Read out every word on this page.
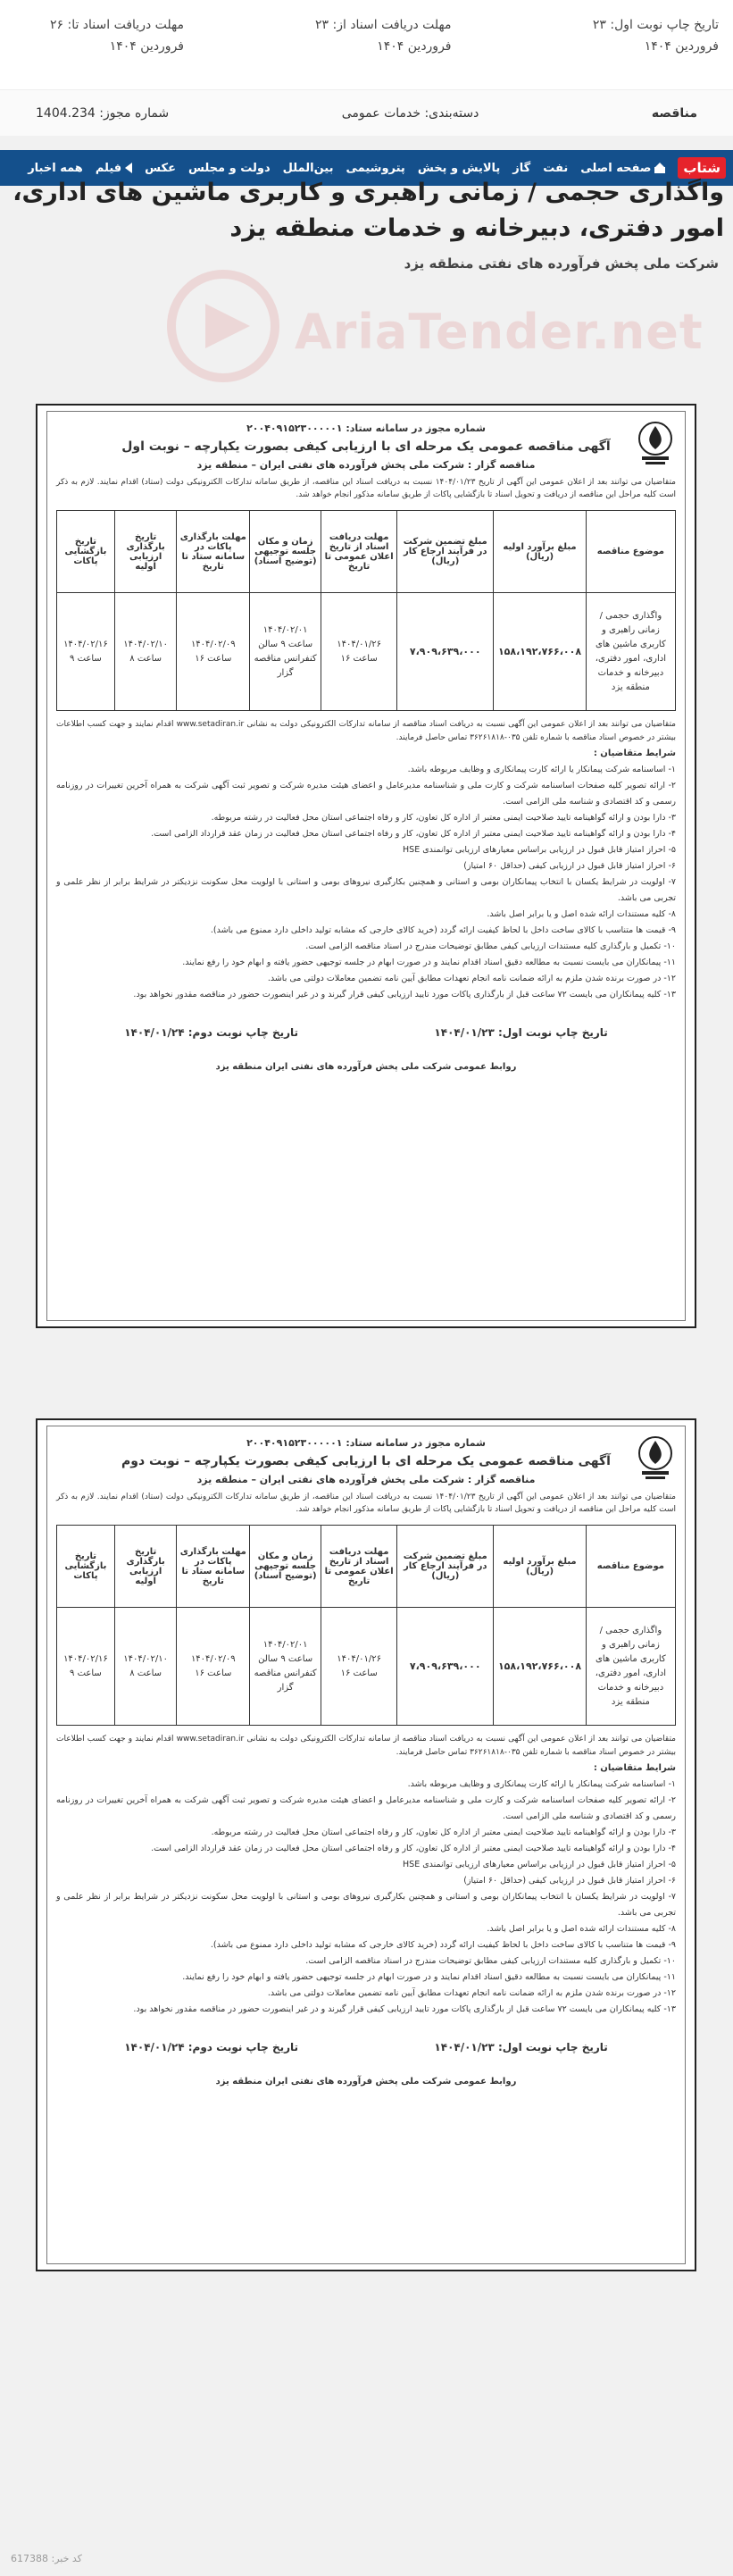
تاریخ چاپ نوبت اول: ۲۳ فروردین ۱۴۰۴
مهلت دریافت اسناد از: ۲۳ فروردین ۱۴۰۴
مهلت دریافت اسناد تا: ۲۶ فروردین ۱۴۰۴
مناقصه
دسته‌بندی: خدمات عمومی
شماره مجوز: 1404.234
شتاب
صفحه اصلی
نفت
گاز
پالایش و پخش
پتروشیمی
بین‌الملل
دولت و مجلس
عکس
فیلم
همه اخبار
واگذاری حجمی / زمانی راهبری و کاربری ماشین های اداری، امور دفتری، دبیرخانه و خدمات منطقه یزد
شرکت ملی پخش فرآورده های نفتی منطقه یزد
AriaTender.net
شماره مجوز در سامانه ستاد: ۲۰۰۴۰۹۱۵۲۳۰۰۰۰۰۱
آگهی مناقصه عمومی یک مرحله ای با ارزیابی کیفی بصورت یکپارچه – نوبت اول
مناقصه گزار : شرکت ملی پخش فرآورده های نفتی ایران – منطقه یزد
متقاضیان می توانند بعد از اعلان عمومی این آگهی از تاریخ ۱۴۰۴/۰۱/۲۳ نسبت به دریافت اسناد این مناقصه، از طریق سامانه تدارکات الکترونیکی دولت (ستاد) اقدام نمایند. لازم به ذکر است کلیه مراحل این مناقصه از دریافت و تحویل اسناد تا بازگشایی پاکات از طریق سامانه مذکور انجام خواهد شد.
موضوع مناقصه	مبلغ برآورد اولیه (ریال)	مبلغ تضمین شرکت در فرآیند ارجاع کار (ریال)	مهلت دریافت اسناد از تاریخ اعلان عمومی تا تاریخ	زمان و مکان جلسه توجیهی (توضیح اسناد)	مهلت بارگذاری پاکات در سامانه ستاد تا تاریخ	تاریخ بارگذاری ارزیابی اولیه	تاریخ بازگشایی پاکات
واگذاری حجمی / زمانی راهبری و کاربری ماشین های اداری، امور دفتری، دبیرخانه و خدمات منطقه یزد	۱۵۸،۱۹۲،۷۶۶،۰۰۸	۷،۹۰۹،۶۳۹،۰۰۰	۱۴۰۴/۰۱/۲۶ ساعت ۱۶	۱۴۰۴/۰۲/۰۱ ساعت ۹ سالن کنفرانس مناقصه گزار	۱۴۰۴/۰۲/۰۹ ساعت ۱۶	۱۴۰۴/۰۲/۱۰ ساعت ۸	۱۴۰۴/۰۲/۱۶ ساعت ۹
متقاضیان می توانند بعد از اعلان عمومی این آگهی نسبت به دریافت اسناد مناقصه از سامانه تدارکات الکترونیکی دولت به نشانی www.setadiran.ir اقدام نمایند و جهت کسب اطلاعات بیشتر در خصوص اسناد مناقصه با شماره تلفن ۰۳۵-۳۶۲۶۱۸۱۸ تماس حاصل فرمایند.
شرایط متقاضیان :
۱- اساسنامه شرکت پیمانکار یا ارائه کارت پیمانکاری و وظایف مربوطه باشد.
۲- ارائه تصویر کلیه صفحات اساسنامه شرکت و کارت ملی و شناسنامه مدیرعامل و اعضای هیئت مدیره شرکت و تصویر ثبت آگهی شرکت به همراه آخرین تغییرات در روزنامه رسمی و کد اقتصادی و شناسه ملی الزامی است.
۳- دارا بودن و ارائه گواهینامه تایید صلاحیت ایمنی معتبر از اداره کل تعاون، کار و رفاه اجتماعی استان محل فعالیت در رشته مربوطه.
۴- دارا بودن و ارائه گواهینامه تایید صلاحیت ایمنی معتبر از اداره کل تعاون، کار و رفاه اجتماعی استان محل فعالیت در زمان عقد قرارداد الزامی است.
۵- احراز امتیاز قابل قبول در ارزیابی براساس معیارهای ارزیابی توانمندی HSE
۶- احراز امتیاز قابل قبول در ارزیابی کیفی (حداقل ۶۰ امتیاز)
۷- اولویت در شرایط یکسان با انتخاب پیمانکاران بومی و استانی و همچنین بکارگیری نیروهای بومی و استانی با اولویت محل سکونت نزدیکتر در شرایط برابر از نظر علمی و تجربی می باشد.
۸- کلیه مستندات ارائه شده اصل و یا برابر اصل باشد.
۹- قیمت ها متناسب با کالای ساخت داخل با لحاظ کیفیت ارائه گردد (خرید کالای خارجی که مشابه تولید داخلی دارد ممنوع می باشد).
۱۰- تکمیل و بارگذاری کلیه مستندات ارزیابی کیفی مطابق توضیحات مندرج در اسناد مناقصه الزامی است.
۱۱- پیمانکاران می بایست نسبت به مطالعه دقیق اسناد اقدام نمایند و در صورت ابهام در جلسه توجیهی حضور یافته و ابهام خود را رفع نمایند.
۱۲- در صورت برنده شدن ملزم به ارائه ضمانت نامه انجام تعهدات مطابق آیین نامه تضمین معاملات دولتی می باشد.
۱۳- کلیه پیمانکاران می بایست ۷۲ ساعت قبل از بارگذاری پاکات مورد تایید ارزیابی کیفی قرار گیرند و در غیر اینصورت حضور در مناقصه مقدور نخواهد بود.
تاریخ چاپ نوبت اول: ۱۴۰۴/۰۱/۲۳
تاریخ چاپ نوبت دوم: ۱۴۰۴/۰۱/۲۴
روابط عمومی شرکت ملی پخش فرآورده های نفتی ایران منطقه یزد
شماره مجوز در سامانه ستاد: ۲۰۰۴۰۹۱۵۲۳۰۰۰۰۰۱
آگهی مناقصه عمومی یک مرحله ای با ارزیابی کیفی بصورت یکپارچه – نوبت دوم
مناقصه گزار : شرکت ملی پخش فرآورده های نفتی ایران – منطقه یزد
متقاضیان می توانند بعد از اعلان عمومی این آگهی از تاریخ ۱۴۰۴/۰۱/۲۳ نسبت به دریافت اسناد این مناقصه، از طریق سامانه تدارکات الکترونیکی دولت (ستاد) اقدام نمایند. لازم به ذکر است کلیه مراحل این مناقصه از دریافت و تحویل اسناد تا بازگشایی پاکات از طریق سامانه مذکور انجام خواهد شد.
موضوع مناقصه	مبلغ برآورد اولیه (ریال)	مبلغ تضمین شرکت در فرآیند ارجاع کار (ریال)	مهلت دریافت اسناد از تاریخ اعلان عمومی تا تاریخ	زمان و مکان جلسه توجیهی (توضیح اسناد)	مهلت بارگذاری پاکات در سامانه ستاد تا تاریخ	تاریخ بارگذاری ارزیابی اولیه	تاریخ بازگشایی پاکات
واگذاری حجمی / زمانی راهبری و کاربری ماشین های اداری، امور دفتری، دبیرخانه و خدمات منطقه یزد	۱۵۸،۱۹۲،۷۶۶،۰۰۸	۷،۹۰۹،۶۳۹،۰۰۰	۱۴۰۴/۰۱/۲۶ ساعت ۱۶	۱۴۰۴/۰۲/۰۱ ساعت ۹ سالن کنفرانس مناقصه گزار	۱۴۰۴/۰۲/۰۹ ساعت ۱۶	۱۴۰۴/۰۲/۱۰ ساعت ۸	۱۴۰۴/۰۲/۱۶ ساعت ۹
متقاضیان می توانند بعد از اعلان عمومی این آگهی نسبت به دریافت اسناد مناقصه از سامانه تدارکات الکترونیکی دولت به نشانی www.setadiran.ir اقدام نمایند و جهت کسب اطلاعات بیشتر در خصوص اسناد مناقصه با شماره تلفن ۰۳۵-۳۶۲۶۱۸۱۸ تماس حاصل فرمایند.
شرایط متقاضیان :
۱- اساسنامه شرکت پیمانکار یا ارائه کارت پیمانکاری و وظایف مربوطه باشد.
۲- ارائه تصویر کلیه صفحات اساسنامه شرکت و کارت ملی و شناسنامه مدیرعامل و اعضای هیئت مدیره شرکت و تصویر ثبت آگهی شرکت به همراه آخرین تغییرات در روزنامه رسمی و کد اقتصادی و شناسه ملی الزامی است.
۳- دارا بودن و ارائه گواهینامه تایید صلاحیت ایمنی معتبر از اداره کل تعاون، کار و رفاه اجتماعی استان محل فعالیت در رشته مربوطه.
۴- دارا بودن و ارائه گواهینامه تایید صلاحیت ایمنی معتبر از اداره کل تعاون، کار و رفاه اجتماعی استان محل فعالیت در زمان عقد قرارداد الزامی است.
۵- احراز امتیاز قابل قبول در ارزیابی براساس معیارهای ارزیابی توانمندی HSE
۶- احراز امتیاز قابل قبول در ارزیابی کیفی (حداقل ۶۰ امتیاز)
۷- اولویت در شرایط یکسان با انتخاب پیمانکاران بومی و استانی و همچنین بکارگیری نیروهای بومی و استانی با اولویت محل سکونت نزدیکتر در شرایط برابر از نظر علمی و تجربی می باشد.
۸- کلیه مستندات ارائه شده اصل و یا برابر اصل باشد.
۹- قیمت ها متناسب با کالای ساخت داخل با لحاظ کیفیت ارائه گردد (خرید کالای خارجی که مشابه تولید داخلی دارد ممنوع می باشد).
۱۰- تکمیل و بارگذاری کلیه مستندات ارزیابی کیفی مطابق توضیحات مندرج در اسناد مناقصه الزامی است.
۱۱- پیمانکاران می بایست نسبت به مطالعه دقیق اسناد اقدام نمایند و در صورت ابهام در جلسه توجیهی حضور یافته و ابهام خود را رفع نمایند.
۱۲- در صورت برنده شدن ملزم به ارائه ضمانت نامه انجام تعهدات مطابق آیین نامه تضمین معاملات دولتی می باشد.
۱۳- کلیه پیمانکاران می بایست ۷۲ ساعت قبل از بارگذاری پاکات مورد تایید ارزیابی کیفی قرار گیرند و در غیر اینصورت حضور در مناقصه مقدور نخواهد بود.
تاریخ چاپ نوبت اول: ۱۴۰۴/۰۱/۲۳
تاریخ چاپ نوبت دوم: ۱۴۰۴/۰۱/۲۴
روابط عمومی شرکت ملی پخش فرآورده های نفتی ایران منطقه یزد
کد خبر: 617388
